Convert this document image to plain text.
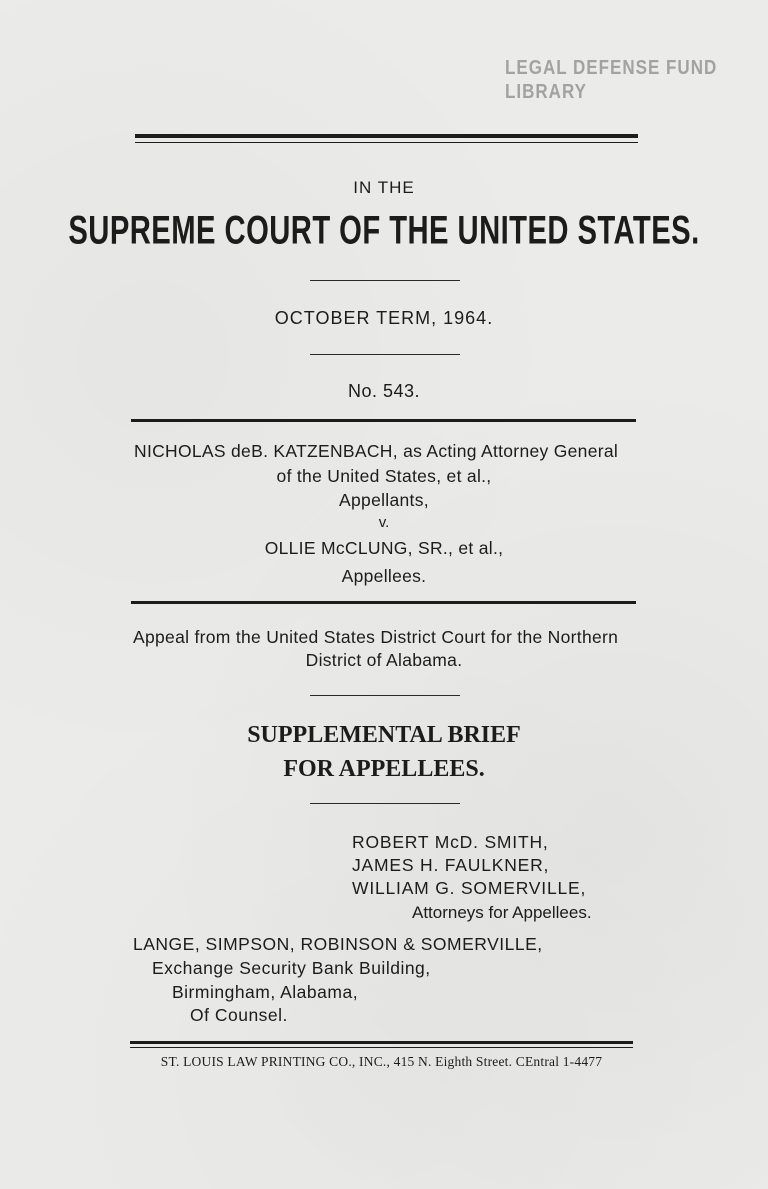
LEGAL DEFENSE FUND LIBRARY
IN THE
SUPREME COURT OF THE UNITED STATES.
OCTOBER TERM, 1964.
No. 543.
NICHOLAS deB. KATZENBACH, as Acting Attorney General
of the United States, et al.,
Appellants,
v.
OLLIE McCLUNG, SR., et al.,
Appellees.
Appeal from the United States District Court for the Northern
District of Alabama.
SUPPLEMENTAL BRIEF
FOR APPELLEES.
ROBERT McD. SMITH,
JAMES H. FAULKNER,
WILLIAM G. SOMERVILLE,
Attorneys for Appellees.
LANGE, SIMPSON, ROBINSON & SOMERVILLE,
Exchange Security Bank Building,
Birmingham, Alabama,
Of Counsel.
ST. LOUIS LAW PRINTING CO., INC., 415 N. Eighth Street. CEntral 1-4477
